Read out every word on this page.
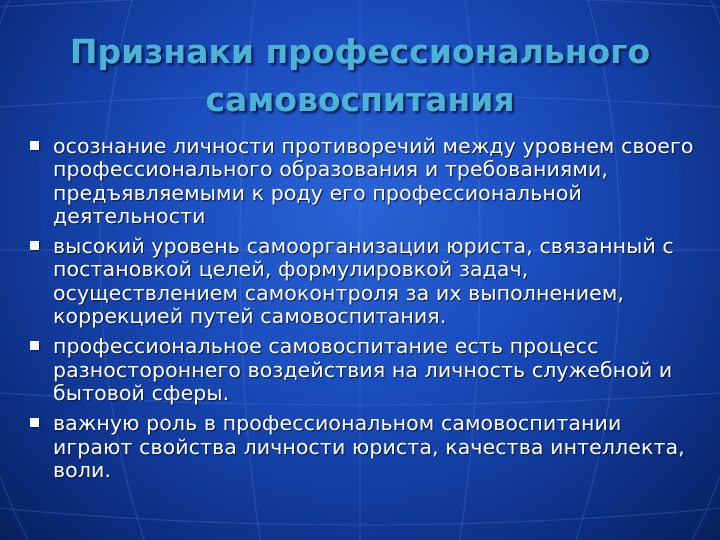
Признаки профессионального
самовоспитания
осознание личности противоречий между уровнем своего профессионального образования и требованиями, предъявляемыми к роду его профессиональной деятельности
высокий уровень самоорганизации юриста, связанный с постановкой целей, формулировкой задач, осуществлением самоконтроля за их выполнением, коррекцией путей самовоспитания.
профессиональное самовоспитание есть процесс разностороннего воздействия на личность служебной и бытовой сферы.
важную роль в профессиональном самовоспитании играют свойства личности юриста, качества интеллекта, воли.
